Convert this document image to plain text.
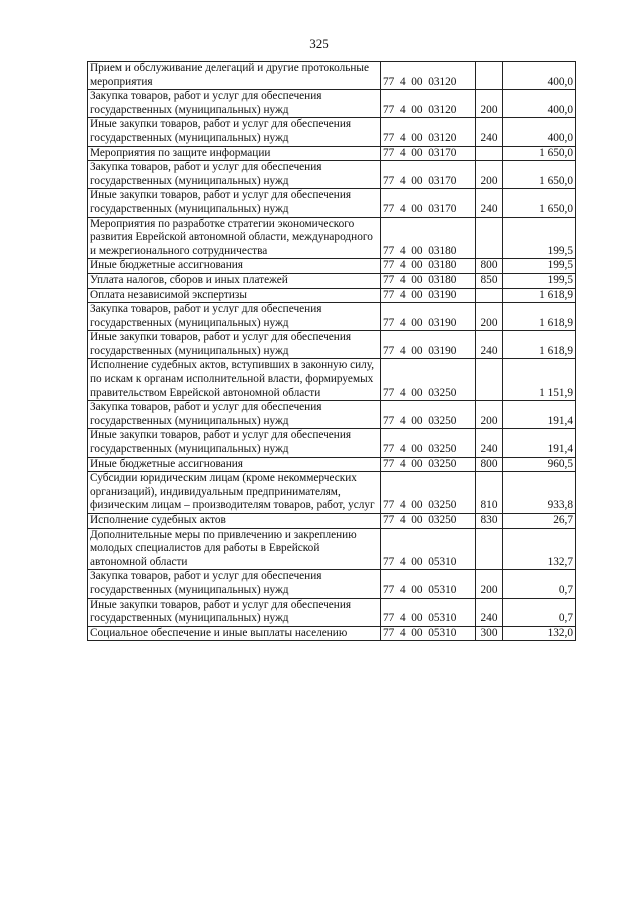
325
Прием и обслуживание делегаций и другие протокольные мероприятия	77  4  00  03120		400,0
Закупка товаров, работ и услуг для обеспечения государственных (муниципальных) нужд	77  4  00  03120	200	400,0
Иные закупки товаров, работ и услуг для обеспечения государственных (муниципальных) нужд	77  4  00  03120	240	400,0
Мероприятия по защите информации	77  4  00  03170		1 650,0
Закупка товаров, работ и услуг для обеспечения государственных (муниципальных) нужд	77  4  00  03170	200	1 650,0
Иные закупки товаров, работ и услуг для обеспечения государственных (муниципальных) нужд	77  4  00  03170	240	1 650,0
Мероприятия по разработке стратегии экономического развития Еврейской автономной области, международного и межрегионального сотрудничества	77  4  00  03180		199,5
Иные бюджетные ассигнования	77  4  00  03180	800	199,5
Уплата налогов, сборов и иных платежей	77  4  00  03180	850	199,5
Оплата независимой экспертизы	77  4  00  03190		1 618,9
Закупка товаров, работ и услуг для обеспечения государственных (муниципальных) нужд	77  4  00  03190	200	1 618,9
Иные закупки товаров, работ и услуг для обеспечения государственных (муниципальных) нужд	77  4  00  03190	240	1 618,9
Исполнение судебных актов, вступивших в законную силу, по искам к органам исполнительной власти, формируемых правительством Еврейской автономной области	77  4  00  03250		1 151,9
Закупка товаров, работ и услуг для обеспечения государственных (муниципальных) нужд	77  4  00  03250	200	191,4
Иные закупки товаров, работ и услуг для обеспечения государственных (муниципальных) нужд	77  4  00  03250	240	191,4
Иные бюджетные ассигнования	77  4  00  03250	800	960,5
Субсидии юридическим лицам (кроме некоммерческих организаций), индивидуальным предпринимателям, физическим лицам – производителям товаров, работ, услуг	77  4  00  03250	810	933,8
Исполнение судебных актов	77  4  00  03250	830	26,7
Дополнительные меры по привлечению и закреплению молодых специалистов для работы в Еврейской автономной области	77  4  00  05310		132,7
Закупка товаров, работ и услуг для обеспечения государственных (муниципальных) нужд	77  4  00  05310	200	0,7
Иные закупки товаров, работ и услуг для обеспечения государственных (муниципальных) нужд	77  4  00  05310	240	0,7
Социальное обеспечение и иные выплаты населению	77  4  00  05310	300	132,0
